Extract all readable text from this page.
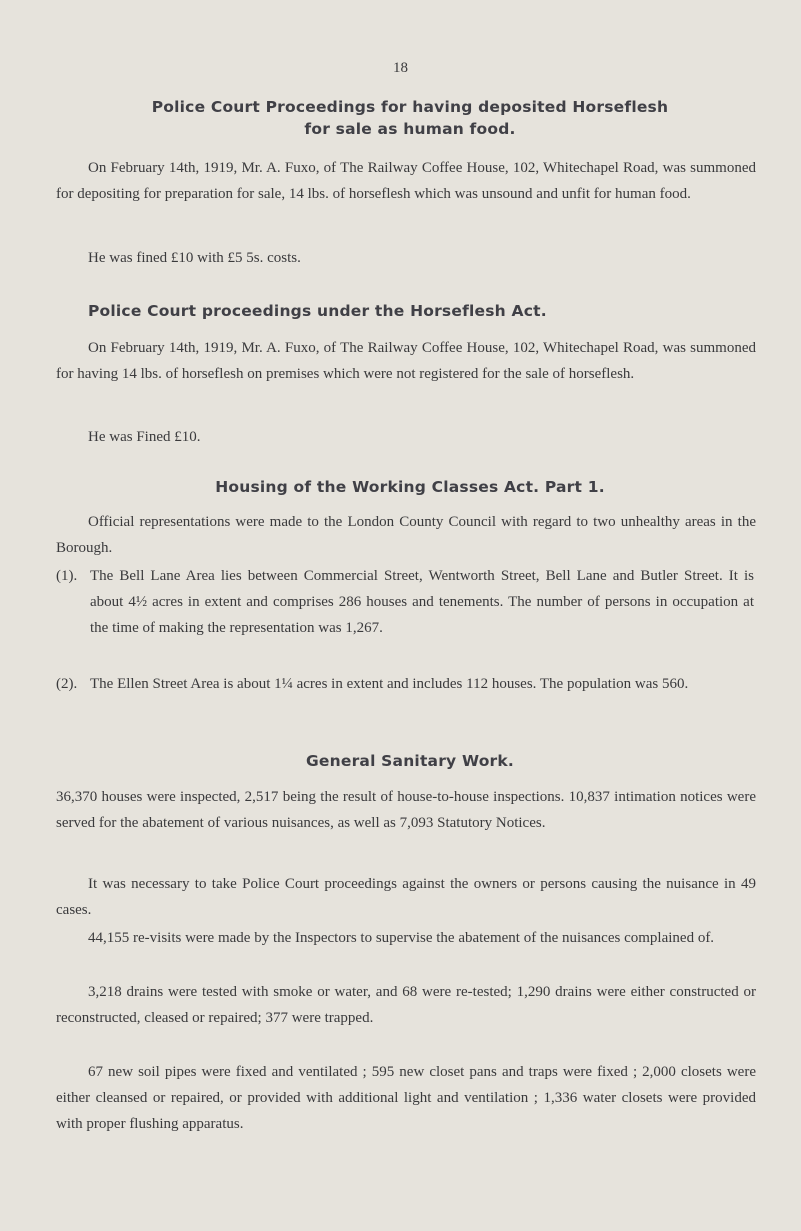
18
Police Court Proceedings for having deposited Horseflesh
for sale as human food.
On February 14th, 1919, Mr. A. Fuxo, of The Railway Coffee House, 102, Whitechapel Road, was summoned for depositing for preparation for sale, 14 lbs. of horseflesh which was unsound and unfit for human food.
He was fined £10 with £5 5s. costs.
Police Court proceedings under the Horseflesh Act.
On February 14th, 1919, Mr. A. Fuxo, of The Railway Coffee House, 102, Whitechapel Road, was summoned for having 14 lbs. of horseflesh on premises which were not registered for the sale of horseflesh.
He was Fined £10.
Housing of the Working Classes Act. Part 1.
Official representations were made to the London County Council with regard to two unhealthy areas in the Borough.
(1). The Bell Lane Area lies between Commercial Street, Wentworth Street, Bell Lane and Butler Street. It is about 4½ acres in extent and comprises 286 houses and tenements. The number of persons in occupation at the time of making the representation was 1,267.
(2). The Ellen Street Area is about 1¼ acres in extent and includes 112 houses. The population was 560.
General Sanitary Work.
36,370 houses were inspected, 2,517 being the result of house-to-house inspections. 10,837 intimation notices were served for the abatement of various nuisances, as well as 7,093 Statutory Notices.
It was necessary to take Police Court proceedings against the owners or persons causing the nuisance in 49 cases.
44,155 re-visits were made by the Inspectors to supervise the abatement of the nuisances complained of.
3,218 drains were tested with smoke or water, and 68 were re-tested; 1,290 drains were either constructed or reconstructed, cleased or repaired; 377 were trapped.
67 new soil pipes were fixed and ventilated ; 595 new closet pans and traps were fixed ; 2,000 closets were either cleansed or repaired, or provided with additional light and ventilation ; 1,336 water closets were provided with proper flushing apparatus.
